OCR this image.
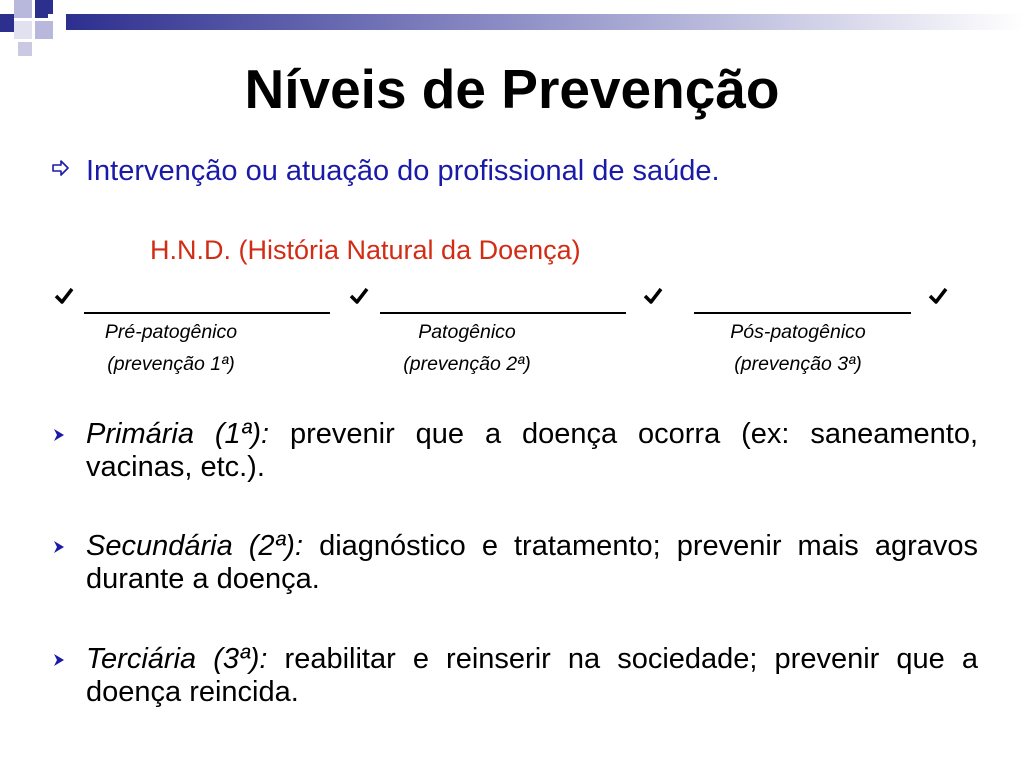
Níveis de Prevenção
Intervenção ou atuação do profissional de saúde.
H.N.D. (História Natural da Doença)
Pré-patogênico
(prevenção 1ª)
Patogênico
(prevenção 2ª)
Pós-patogênico
(prevenção 3ª)

Primária (1ª): prevenir que a doença ocorra (ex: saneamento, vacinas, etc.).

Secundária (2ª): diagnóstico e tratamento; prevenir mais agravos durante a doença.

Terciária (3ª): reabilitar e reinserir na sociedade; prevenir que a doença reincida.
